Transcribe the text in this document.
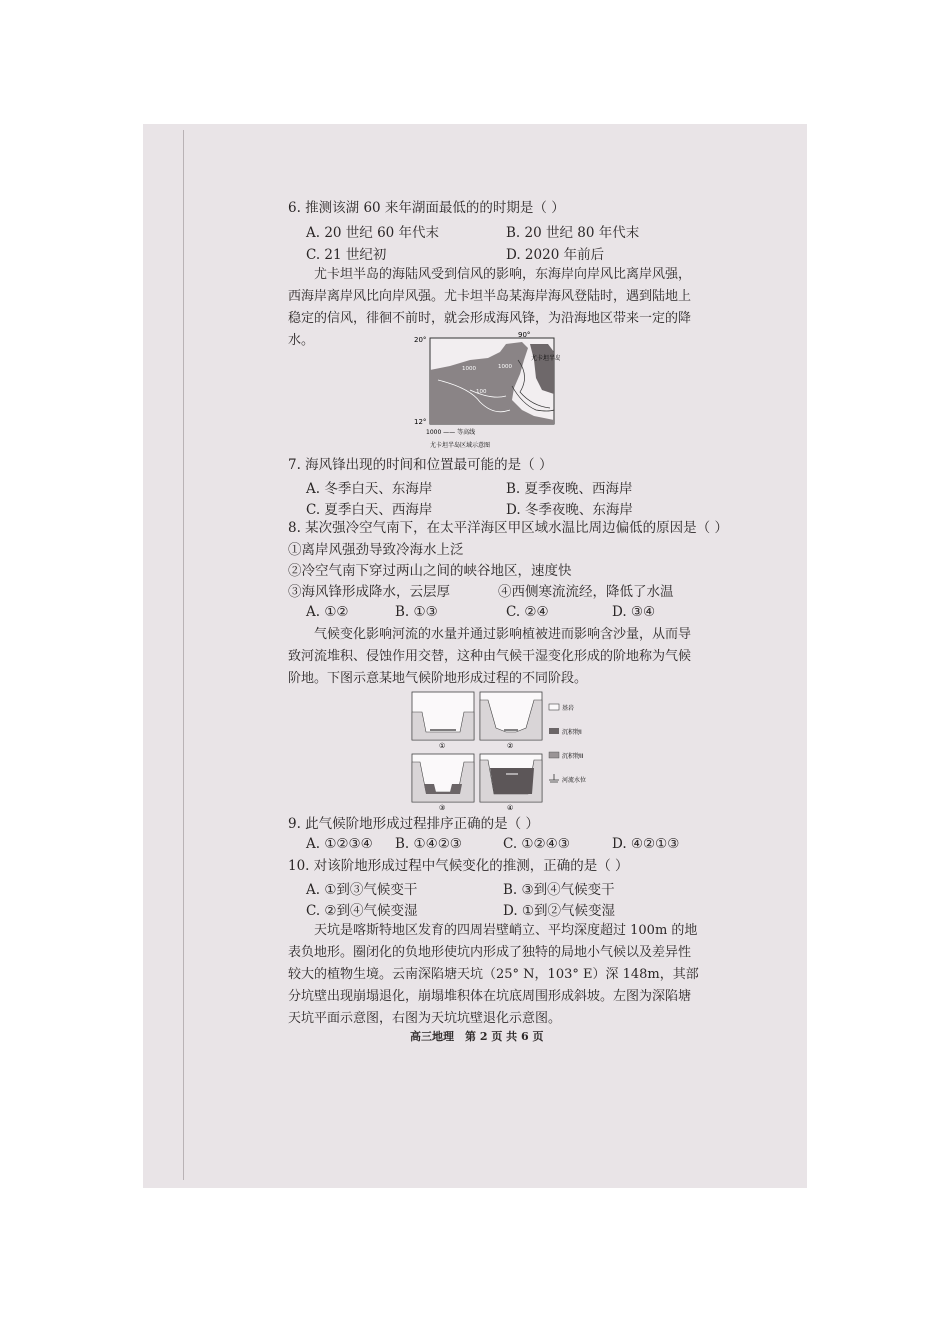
6. 推测该湖 60 来年湖面最低的的时期是（ ）
A. 20 世纪 60 年代末	B. 20 世纪 80 年代末
C. 21 世纪初	D. 2020 年前后
尤卡坦半岛的海陆风受到信风的影响，东海岸向岸风比离岸风强，西海岸离岸风比向岸风强。尤卡坦半岛某海岸海风登陆时，遇到陆地上稳定的信风，徘徊不前时，就会形成海风锋，为沿海地区带来一定的降水。	20°
12°
90°
1000	1000
100
尤卡坦半岛
1000 —— 等高线
尤卡坦半岛区域示意图
7. 海风锋出现的时间和位置最可能的是（ ）
A. 冬季白天、东海岸	B. 夏季夜晚、西海岸
C. 夏季白天、西海岸	D. 冬季夜晚、东海岸
8. 某次强冷空气南下，在太平洋海区甲区域水温比周边偏低的原因是（ ）
①离岸风强劲导致冷海水上泛
②冷空气南下穿过两山之间的峡谷地区，速度快
③海风锋形成降水，云层厚	④西侧寒流流经，降低了水温
A. ①②	B. ①③	C. ②④	D. ③④
气候变化影响河流的水量并通过影响植被进而影响含沙量，从而导致河流堆积、侵蚀作用交替，这种由气候干湿变化形成的阶地称为气候阶地。下图示意某地气候阶地形成过程的不同阶段。
①	②
③	④
基岩
沉积物I
沉积物II
河流水位
9. 此气候阶地形成过程排序正确的是（ ）
A. ①②③④ B. ①④②③	C. ①②④③	D. ④②①③
10. 对该阶地形成过程中气候变化的推测，正确的是（ ）
A. ①到③气候变干	B. ③到④气候变干
C. ②到④气候变湿	D. ①到②气候变湿
天坑是喀斯特地区发育的四周岩壁峭立、平均深度超过 100m 的地表负地形。圈闭化的负地形使坑内形成了独特的局地小气候以及差异性较大的植物生境。云南深陷塘天坑（25° N，103° E）深 148m，其部分坑壁出现崩塌退化，崩塌堆积体在坑底周围形成斜坡。左图为深陷塘天坑平面示意图，右图为天坑坑壁退化示意图。
高三地理　第 2 页 共 6 页
